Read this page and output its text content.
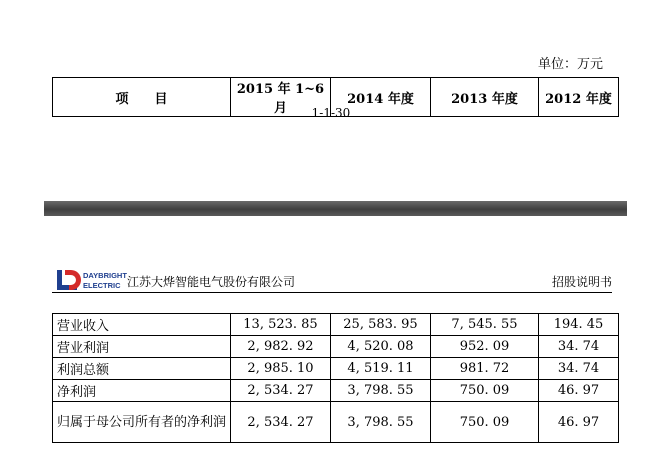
单位：万元
项　　目	2015 年 1~6 月	2014 年度	2013 年度	2012 年度
1-1-30
DAYBRIGHT
ELECTRIC 江苏大烨智能电气股份有限公司	招股说明书
营业收入	13, 523. 85	25, 583. 95	7, 545. 55	194. 45
营业利润	2, 982. 92	4, 520. 08	952. 09	34. 74
利润总额	2, 985. 10	4, 519. 11	981. 72	34. 74
净利润	2, 534. 27	3, 798. 55	750. 09	46. 97
归属于母公司所有者的净利润	2, 534. 27	3, 798. 55	750. 09	46. 97
